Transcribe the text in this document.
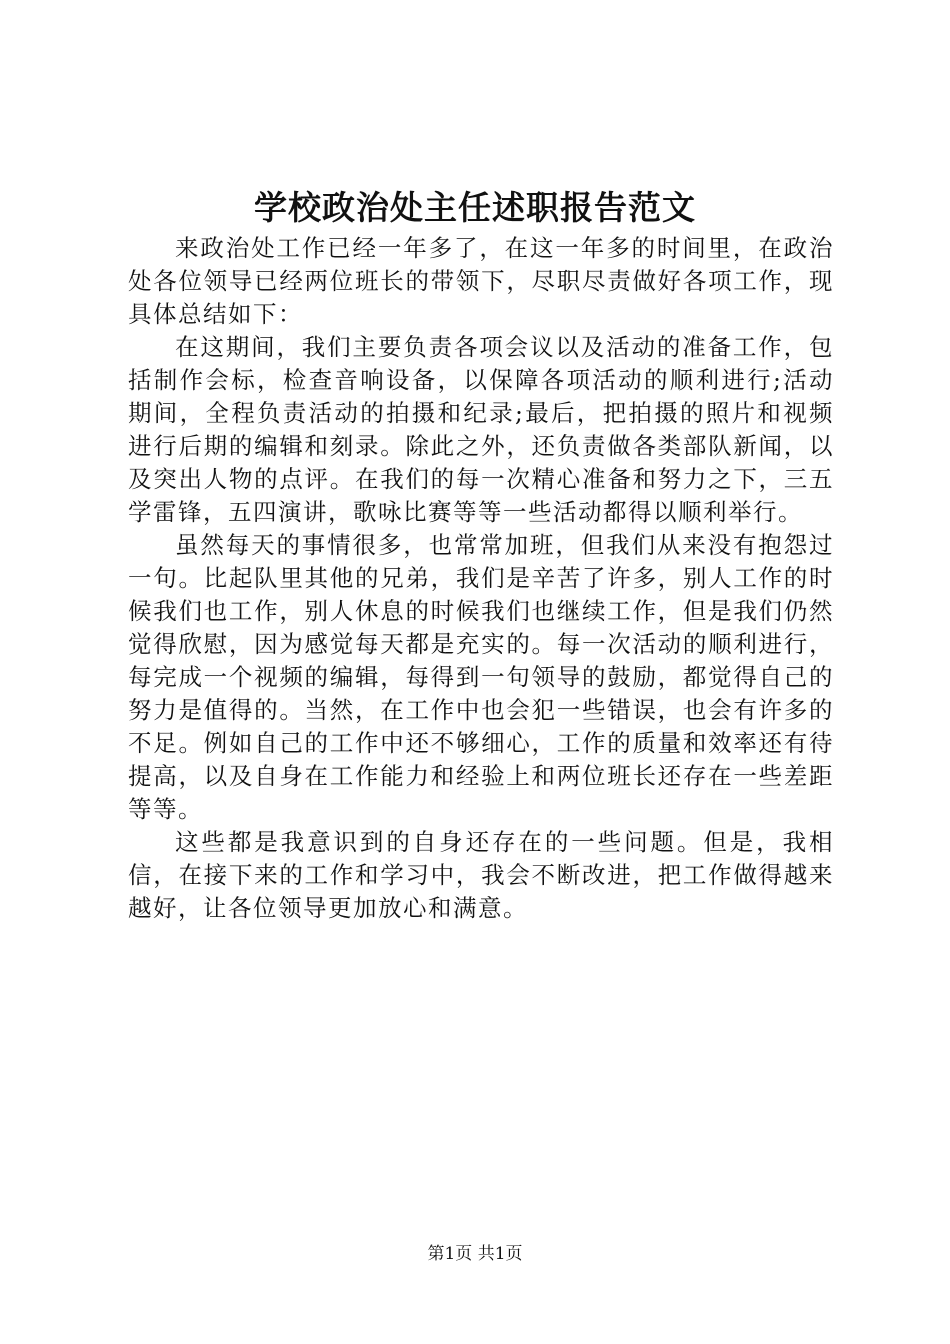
学校政治处主任述职报告范文

来政治处工作已经一年多了，在这一年多的时间里，在政治处各位领导已经两位班长的带领下，尽职尽责做好各项工作，现具体总结如下：

在这期间，我们主要负责各项会议以及活动的准备工作，包括制作会标，检查音响设备，以保障各项活动的顺利进行;活动期间，全程负责活动的拍摄和纪录;最后，把拍摄的照片和视频进行后期的编辑和刻录。除此之外，还负责做各类部队新闻，以及突出人物的点评。在我们的每一次精心准备和努力之下，三五学雷锋，五四演讲，歌咏比赛等等一些活动都得以顺利举行。

虽然每天的事情很多，也常常加班，但我们从来没有抱怨过一句。比起队里其他的兄弟，我们是辛苦了许多，别人工作的时候我们也工作，别人休息的时候我们也继续工作，但是我们仍然觉得欣慰，因为感觉每天都是充实的。每一次活动的顺利进行，每完成一个视频的编辑，每得到一句领导的鼓励，都觉得自己的努力是值得的。当然，在工作中也会犯一些错误，也会有许多的不足。例如自己的工作中还不够细心，工作的质量和效率还有待提高，以及自身在工作能力和经验上和两位班长还存在一些差距等等。

这些都是我意识到的自身还存在的一些问题。但是，我相信，在接下来的工作和学习中，我会不断改进，把工作做得越来越好，让各位领导更加放心和满意。

第1页 共1页
